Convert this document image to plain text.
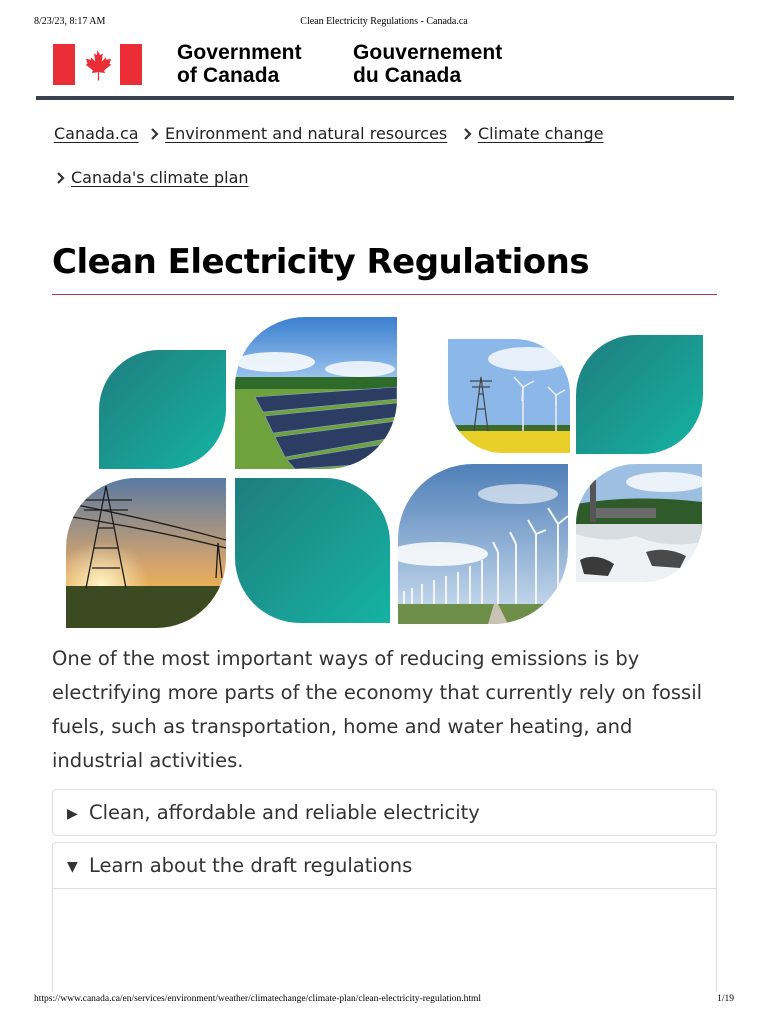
8/23/23, 8:17 AM	Clean Electricity Regulations - Canada.ca
Government
of Canada
Gouvernement
du Canada
Canada.ca	Environment and natural resources	Climate change
Canada's climate plan
Clean Electricity Regulations

One of the most important ways of reducing emissions is by electrifying more parts of the economy that currently rely on fossil fuels, such as transportation, home and water heating, and industrial activities.

▶ Clean, affordable and reliable electricity
▼ Learn about the draft regulations
https://www.canada.ca/en/services/environment/weather/climatechange/climate-plan/clean-electricity-regulation.html	1/19
